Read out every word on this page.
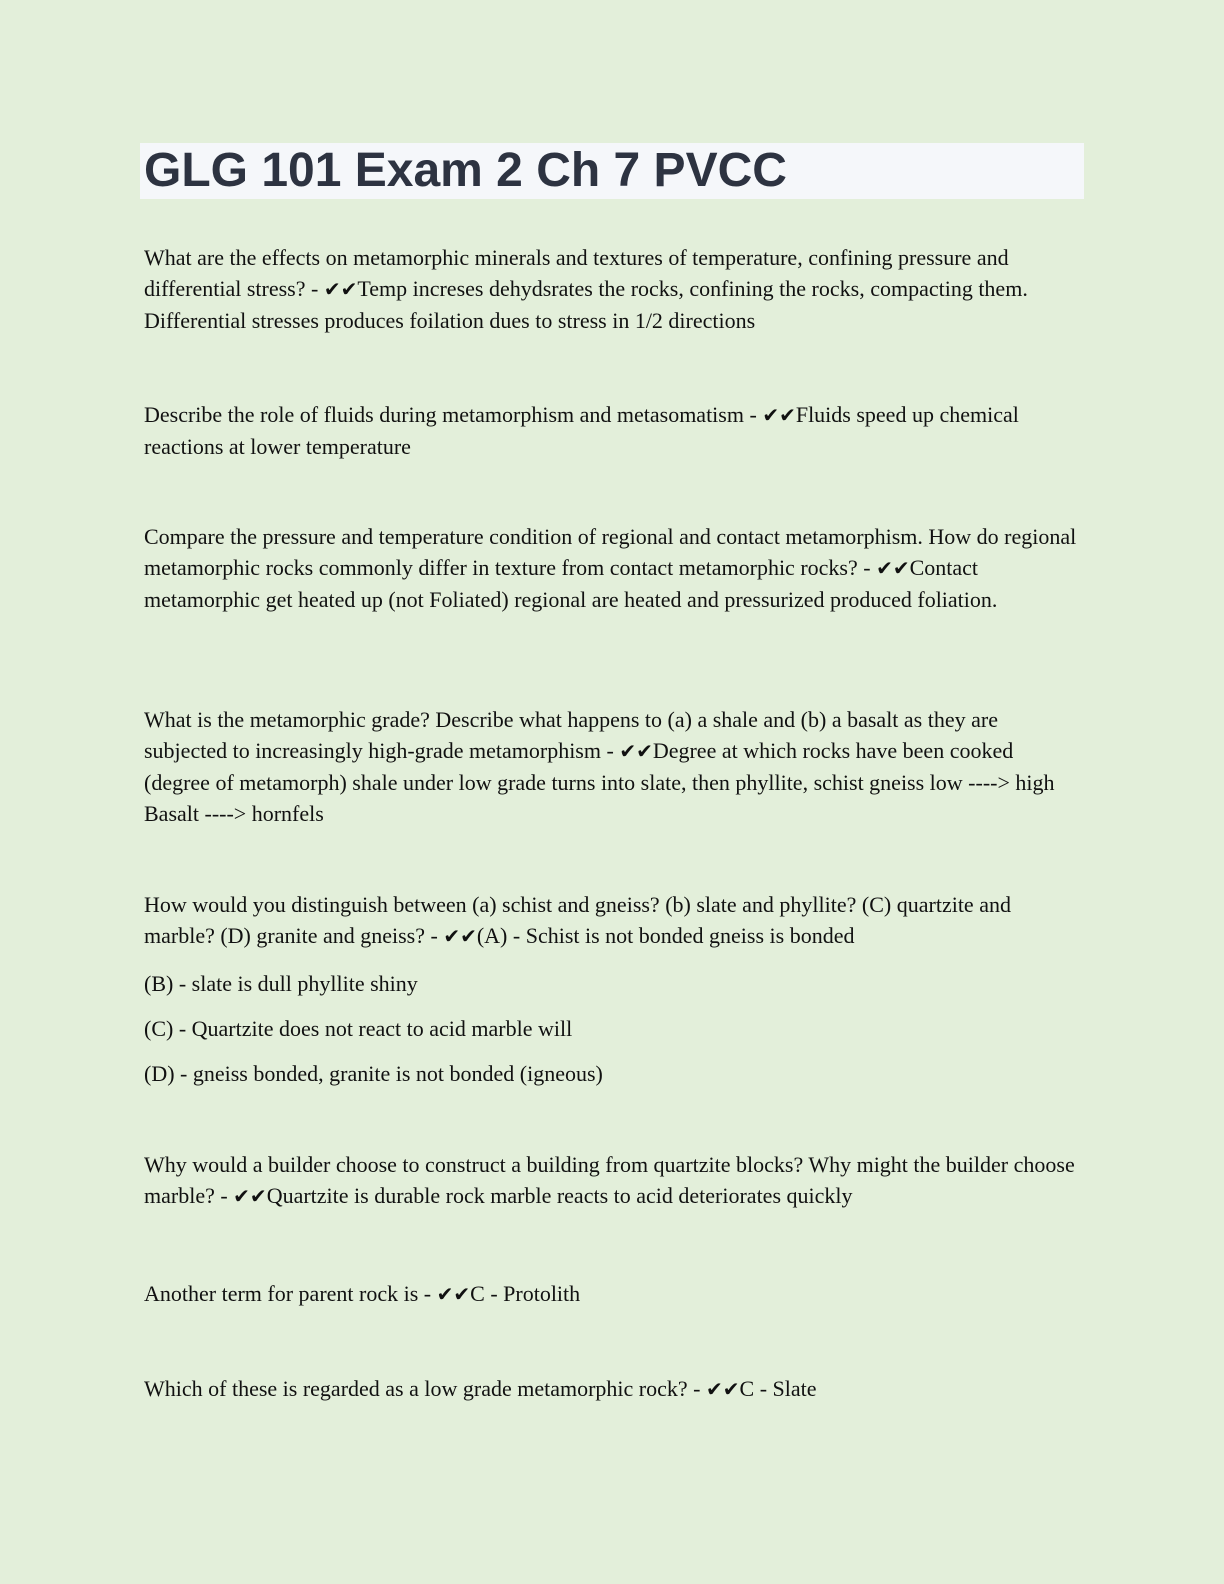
GLG 101 Exam 2 Ch 7 PVCC

What are the effects on metamorphic minerals and textures of temperature, confining pressure and differential stress? - ✔✔Temp increses dehydsrates the rocks, confining the rocks, compacting them. Differential stresses produces foilation dues to stress in 1/2 directions

Describe the role of fluids during metamorphism and metasomatism - ✔✔Fluids speed up chemical reactions at lower temperature

Compare the pressure and temperature condition of regional and contact metamorphism. How do regional metamorphic rocks commonly differ in texture from contact metamorphic rocks? - ✔✔Contact metamorphic get heated up (not Foliated) regional are heated and pressurized produced foliation.

What is the metamorphic grade? Describe what happens to (a) a shale and (b) a basalt as they are subjected to increasingly high-grade metamorphism - ✔✔Degree at which rocks have been cooked (degree of metamorph) shale under low grade turns into slate, then phyllite, schist gneiss low ----> high Basalt ----> hornfels

How would you distinguish between (a) schist and gneiss? (b) slate and phyllite? (C) quartzite and marble? (D) granite and gneiss? - ✔✔(A) - Schist is not bonded gneiss is bonded

(B) - slate is dull phyllite shiny

(C) - Quartzite does not react to acid marble will

(D) - gneiss bonded, granite is not bonded (igneous)

Why would a builder choose to construct a building from quartzite blocks? Why might the builder choose marble? - ✔✔Quartzite is durable rock marble reacts to acid deteriorates quickly

Another term for parent rock is - ✔✔C - Protolith

Which of these is regarded as a low grade metamorphic rock? - ✔✔C - Slate
